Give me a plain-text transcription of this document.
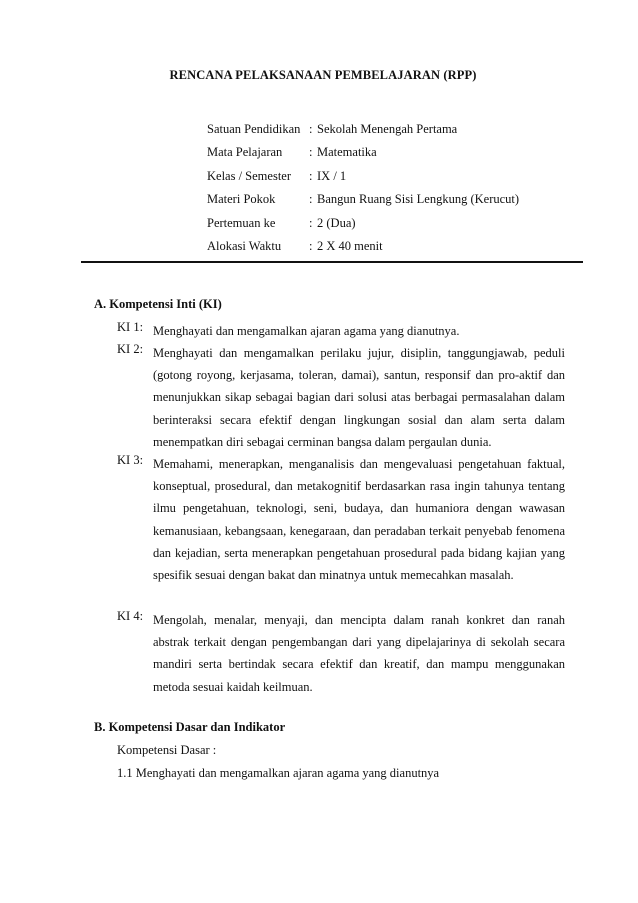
RENCANA PELAKSANAAN PEMBELAJARAN (RPP)
Satuan Pendidikan : Sekolah Menengah Pertama
Mata Pelajaran	: Matematika
Kelas / Semester	: IX / 1
Materi Pokok	: Bangun Ruang Sisi Lengkung (Kerucut)
Pertemuan ke	: 2 (Dua)
Alokasi Waktu	: 2 X 40 menit
A. Kompetensi Inti (KI)
KI 1: Menghayati dan mengamalkan ajaran agama yang dianutnya.
KI 2: Menghayati dan mengamalkan perilaku jujur, disiplin, tanggungjawab, peduli (gotong royong, kerjasama, toleran, damai), santun, responsif dan pro-aktif dan menunjukkan sikap sebagai bagian dari solusi atas berbagai permasalahan dalam berinteraksi secara efektif dengan lingkungan sosial dan alam serta dalam menempatkan diri sebagai cerminan bangsa dalam pergaulan dunia.
KI 3: Memahami, menerapkan, menganalisis dan mengevaluasi pengetahuan faktual, konseptual, prosedural, dan metakognitif berdasarkan rasa ingin tahunya tentang ilmu pengetahuan, teknologi, seni, budaya, dan humaniora dengan wawasan kemanusiaan, kebangsaan, kenegaraan, dan peradaban terkait penyebab fenomena dan kejadian, serta menerapkan pengetahuan prosedural pada bidang kajian yang spesifik sesuai dengan bakat dan minatnya untuk memecahkan masalah.
KI 4: Mengolah, menalar, menyaji, dan mencipta dalam ranah konkret dan ranah abstrak terkait dengan pengembangan dari yang dipelajarinya di sekolah secara mandiri serta bertindak secara efektif dan kreatif, dan mampu menggunakan metoda sesuai kaidah keilmuan.
B. Kompetensi Dasar dan Indikator
Kompetensi Dasar :
1.1 Menghayati dan mengamalkan ajaran agama yang dianutnya
